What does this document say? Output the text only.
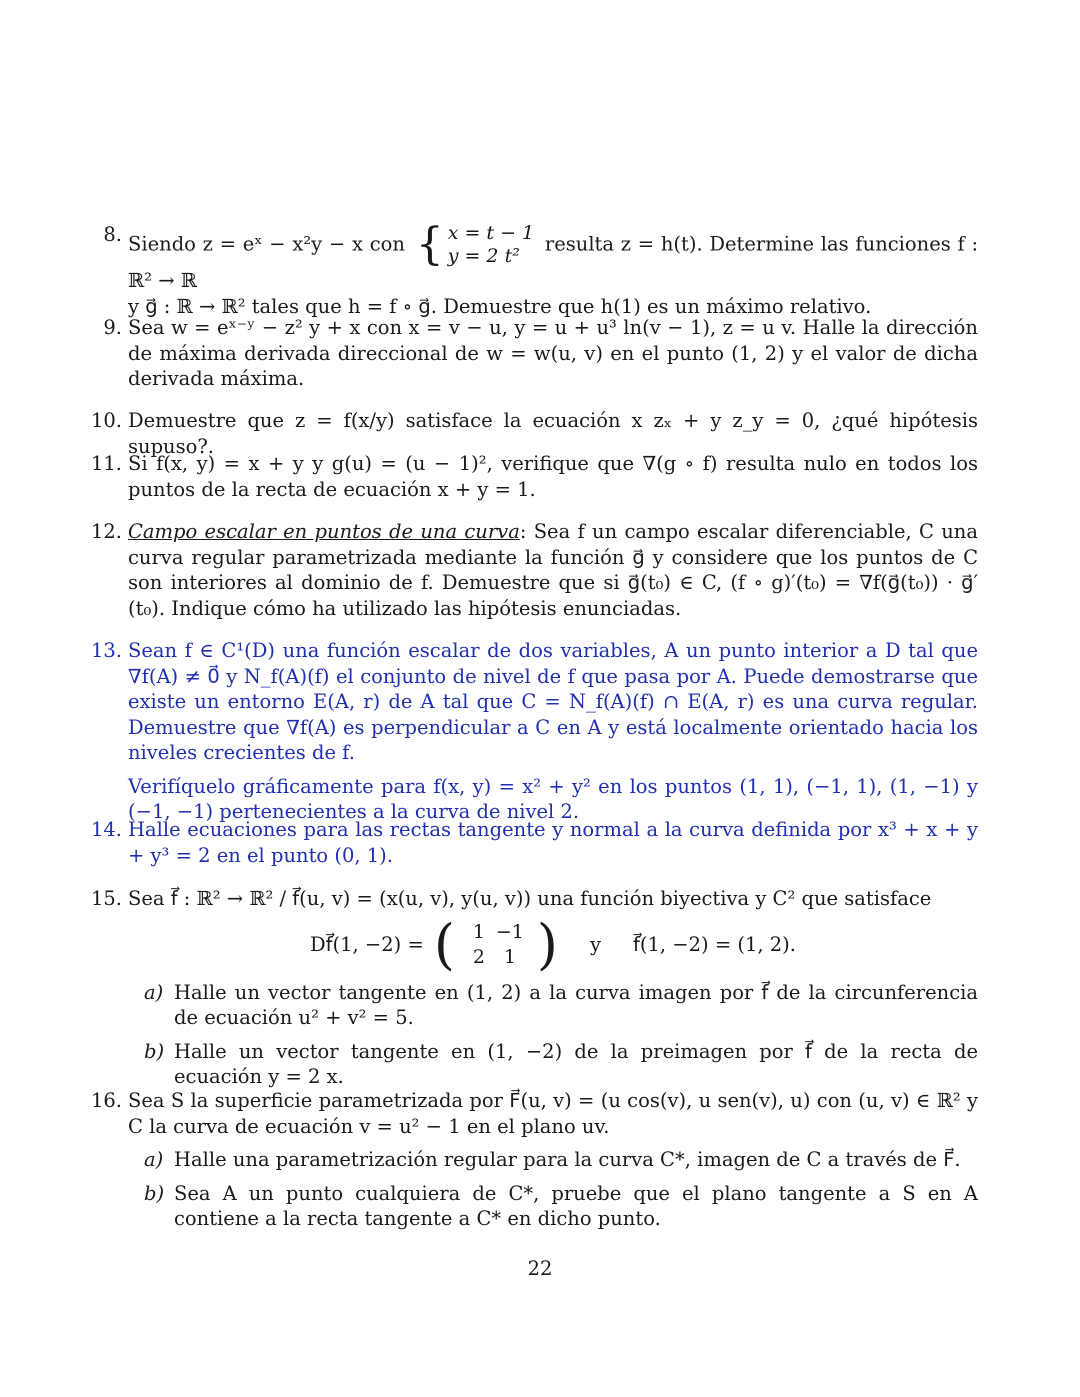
8. Siendo z = eˣ − x²y − x con { x = t − 1
y = 2 t²
resulta z = h(t). Determine las funciones f : ℝ² → ℝ
y g⃗ : ℝ → ℝ² tales que h = f ∘ g⃗. Demuestre que h(1) es un máximo relativo.
9. Sea w = eˣ⁻ʸ − z² y + x con x = v − u, y = u + u³ ln(v − 1), z = u v. Halle la dirección de máxima derivada direccional de w = w(u, v) en el punto (1, 2) y el valor de dicha derivada máxima.
10. Demuestre que z = f(x/y) satisface la ecuación x zₓ + y z_y = 0, ¿qué hipótesis supuso?.
11. Si f(x, y) = x + y y g(u) = (u − 1)², verifique que ∇(g ∘ f) resulta nulo en todos los puntos de la recta de ecuación x + y = 1.
12. Campo escalar en puntos de una curva: Sea f un campo escalar diferenciable, C una curva regular parametrizada mediante la función g⃗ y considere que los puntos de C son interiores al dominio de f. Demuestre que si g⃗(t₀) ∈ C, (f ∘ g)′(t₀) = ∇f(g⃗(t₀)) · g⃗′(t₀). Indique cómo ha utilizado las hipótesis enunciadas.
13. Sean f ∈ C¹(D) una función escalar de dos variables, A un punto interior a D tal que ∇f(A) ≠ 0⃗ y N_f(A)(f) el conjunto de nivel de f que pasa por A. Puede demostrarse que existe un entorno E(A, r) de A tal que C = N_f(A)(f) ∩ E(A, r) es una curva regular. Demuestre que ∇f(A) es perpendicular a C en A y está localmente orientado hacia los niveles crecientes de f.
Verifíquelo gráficamente para f(x, y) = x² + y² en los puntos (1, 1), (−1, 1), (1, −1) y (−1, −1) pertenecientes a la curva de nivel 2.
14. Halle ecuaciones para las rectas tangente y normal a la curva definida por x³ + x + y + y³ = 2 en el punto (0, 1).
15. Sea f⃗ : ℝ² → ℝ² / f⃗(u, v) = (x(u, v), y(u, v)) una función biyectiva y C² que satisface
Df⃗(1, −2) = ( 1 −1
2 1 ) y f⃗(1, −2) = (1, 2).
a) Halle un vector tangente en (1, 2) a la curva imagen por f⃗ de la circunferencia de ecuación u² + v² = 5.
b) Halle un vector tangente en (1, −2) de la preimagen por f⃗ de la recta de ecuación y = 2 x.
16. Sea S la superficie parametrizada por F⃗(u, v) = (u cos(v), u sen(v), u) con (u, v) ∈ ℝ² y C la curva de ecuación v = u² − 1 en el plano uv.
a) Halle una parametrización regular para la curva C*, imagen de C a través de F⃗.
b) Sea A un punto cualquiera de C*, pruebe que el plano tangente a S en A contiene a la recta tangente a C* en dicho punto.
22
